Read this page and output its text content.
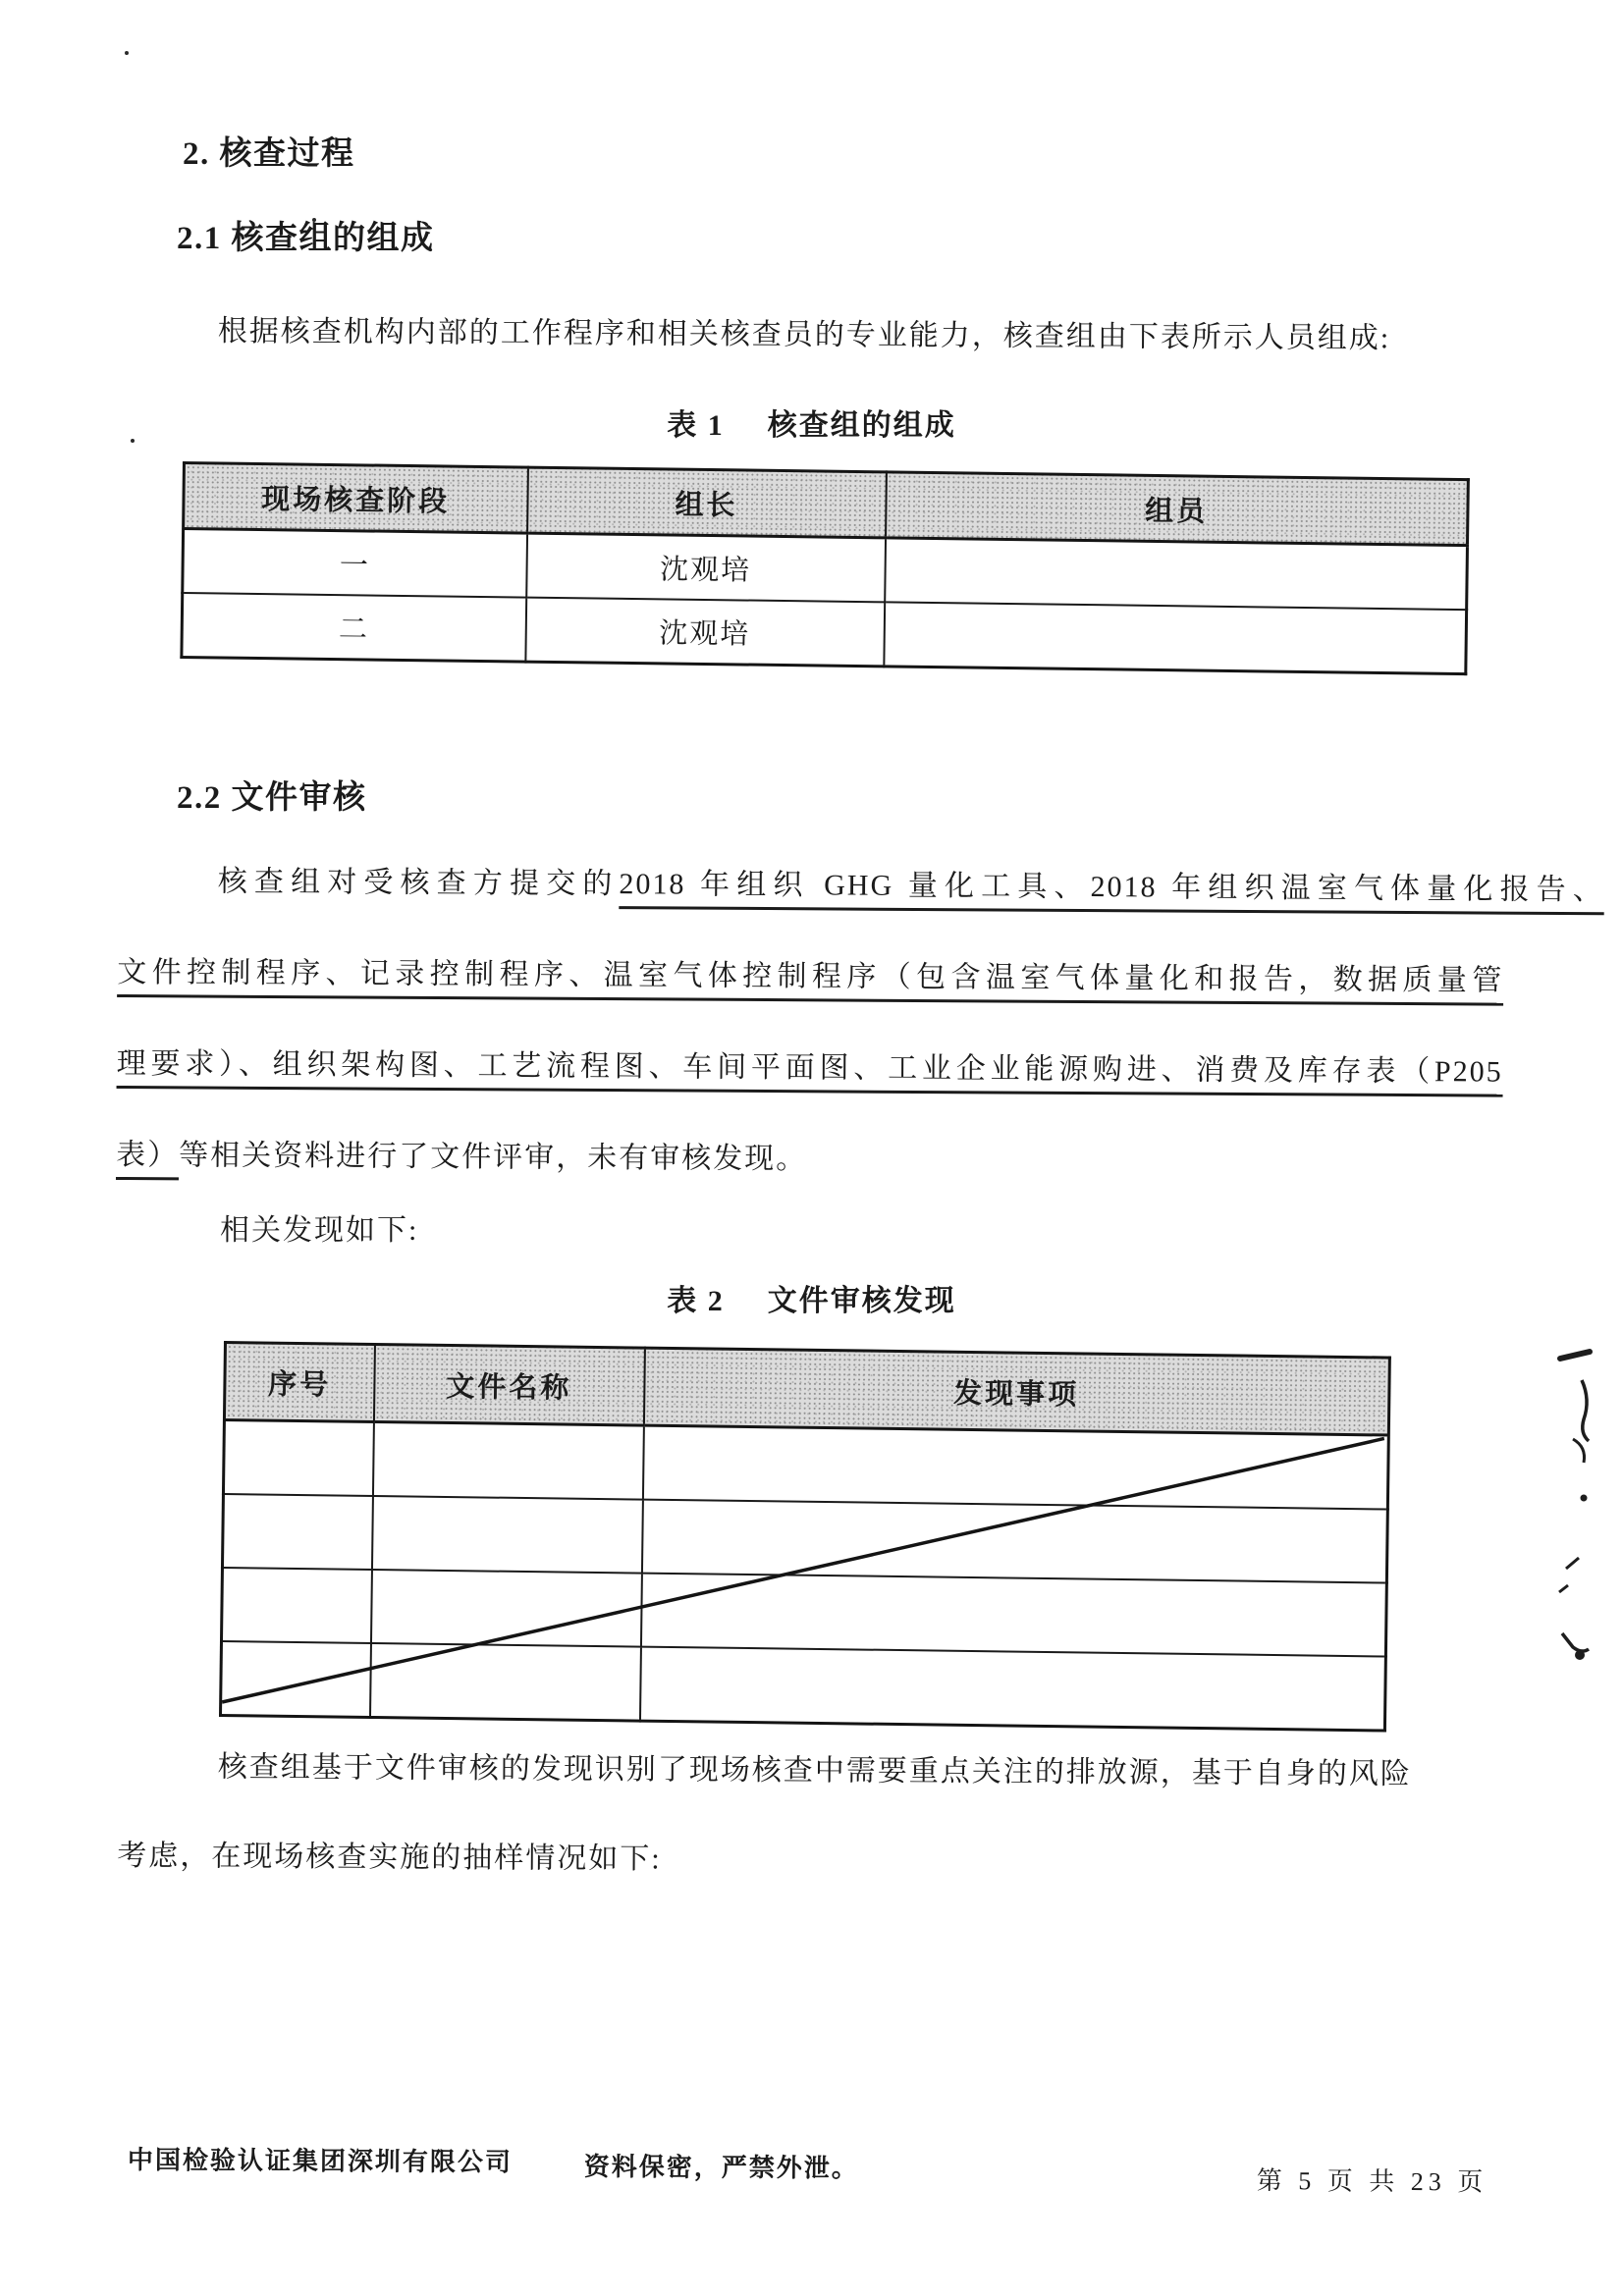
2. 核查过程
2.1 核查组的组成
根据核查机构内部的工作程序和相关核查员的专业能力，核查组由下表所示人员组成:
表 1 核查组的组成
现场核查阶段	组长	组员
一	沈观培	
二	沈观培	
2.2 文件审核
核查组对受核查方提交的2018 年组织 GHG 量化工具、2018 年组织温室气体量化报告、
文件控制程序、记录控制程序、温室气体控制程序（包含温室气体量化和报告，数据质量管
理要求）、组织架构图、工艺流程图、车间平面图、工业企业能源购进、消费及库存表（P205
表）等相关资料进行了文件评审，未有审核发现。
相关发现如下:
表 2 文件审核发现
序号	文件名称	发现事项

核查组基于文件审核的发现识别了现场核查中需要重点关注的排放源，基于自身的风险
考虑，在现场核查实施的抽样情况如下:
中国检验认证集团深圳有限公司	资料保密，严禁外泄。	第 5 页 共 23 页
